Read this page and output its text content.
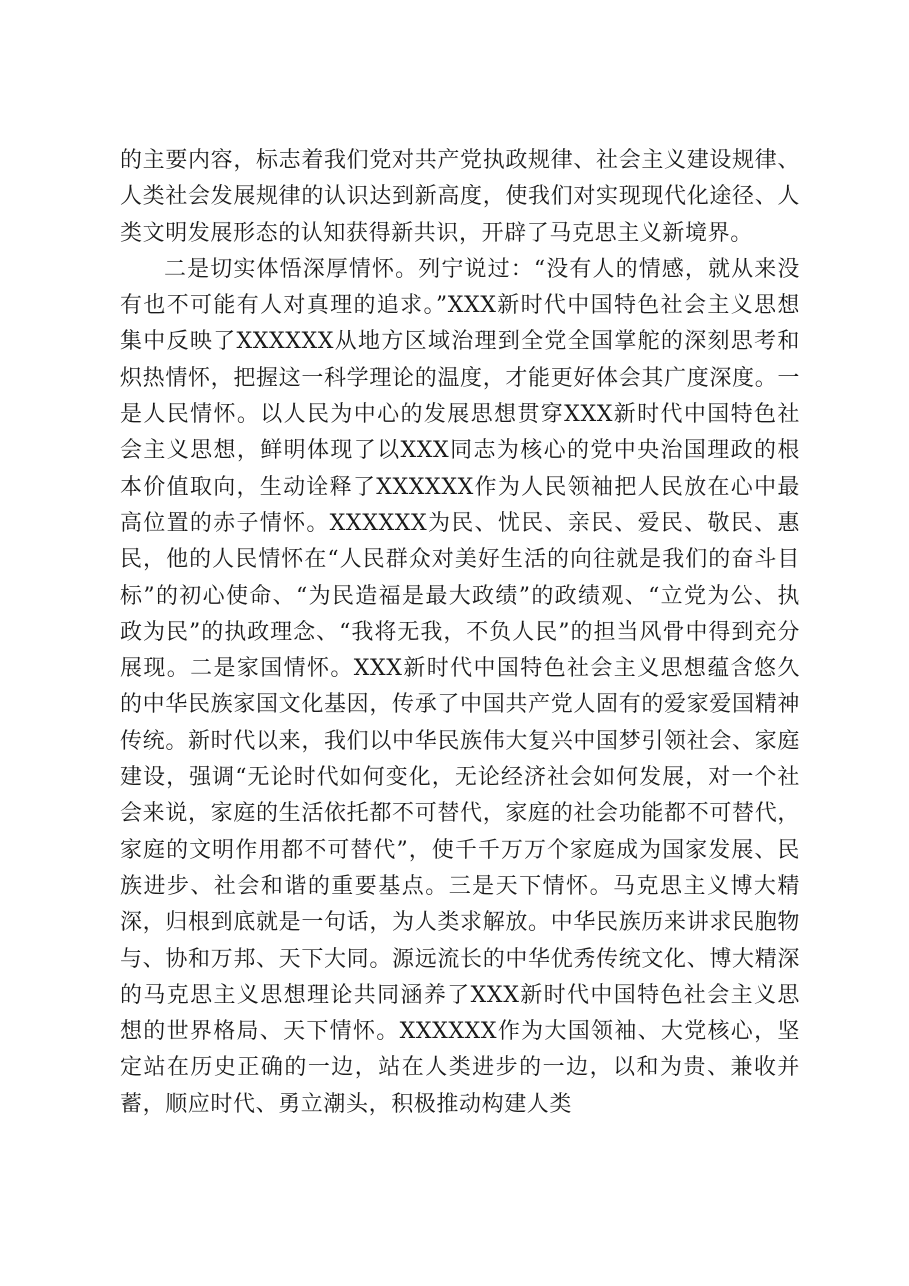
的主要内容，标志着我们党对共产党执政规律、社会主义建设规律、人类社会发展规律的认识达到新高度，使我们对实现现代化途径、人类文明发展形态的认知获得新共识，开辟了马克思主义新境界。

二是切实体悟深厚情怀。列宁说过：“没有人的情感，就从来没有也不可能有人对真理的追求。”XXX新时代中国特色社会主义思想集中反映了XXXXXX从地方区域治理到全党全国掌舵的深刻思考和炽热情怀，把握这一科学理论的温度，才能更好体会其广度深度。一是人民情怀。以人民为中心的发展思想贯穿XXX新时代中国特色社会主义思想，鲜明体现了以XXX同志为核心的党中央治国理政的根本价值取向，生动诠释了XXXXXX作为人民领袖把人民放在心中最高位置的赤子情怀。XXXXXX为民、忧民、亲民、爱民、敬民、惠民，他的人民情怀在“人民群众对美好生活的向往就是我们的奋斗目标”的初心使命、“为民造福是最大政绩”的政绩观、“立党为公、执政为民”的执政理念、“我将无我，不负人民”的担当风骨中得到充分展现。二是家国情怀。XXX新时代中国特色社会主义思想蕴含悠久的中华民族家国文化基因，传承了中国共产党人固有的爱家爱国精神传统。新时代以来，我们以中华民族伟大复兴中国梦引领社会、家庭建设，强调“无论时代如何变化，无论经济社会如何发展，对一个社会来说，家庭的生活依托都不可替代，家庭的社会功能都不可替代，家庭的文明作用都不可替代”，使千千万万个家庭成为国家发展、民族进步、社会和谐的重要基点。三是天下情怀。马克思主义博大精深，归根到底就是一句话，为人类求解放。中华民族历来讲求民胞物与、协和万邦、天下大同。源远流长的中华优秀传统文化、博大精深的马克思主义思想理论共同涵养了XXX新时代中国特色社会主义思想的世界格局、天下情怀。XXXXXX作为大国领袖、大党核心，坚定站在历史正确的一边，站在人类进步的一边，以和为贵、兼收并蓄，顺应时代、勇立潮头，积极推动构建人类
